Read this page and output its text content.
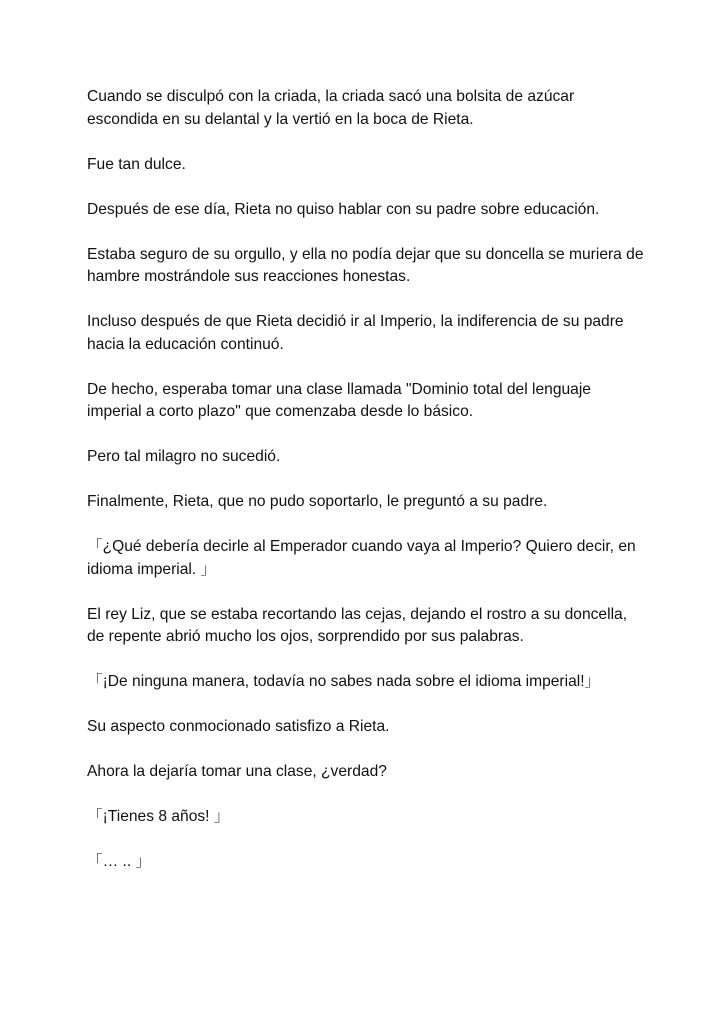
Cuando se disculpó con la criada, la criada sacó una bolsita de azúcar escondida en su delantal y la vertió en la boca de Rieta.

Fue tan dulce.

Después de ese día, Rieta no quiso hablar con su padre sobre educación.

Estaba seguro de su orgullo, y ella no podía dejar que su doncella se muriera de hambre mostrándole sus reacciones honestas.

Incluso después de que Rieta decidió ir al Imperio, la indiferencia de su padre hacia la educación continuó.

De hecho, esperaba tomar una clase llamada "Dominio total del lenguaje imperial a corto plazo" que comenzaba desde lo básico.

Pero tal milagro no sucedió.

Finalmente, Rieta, que no pudo soportarlo, le preguntó a su padre.

「¿Qué debería decirle al Emperador cuando vaya al Imperio? Quiero decir, en idioma imperial. 」

El rey Liz, que se estaba recortando las cejas, dejando el rostro a su doncella, de repente abrió mucho los ojos, sorprendido por sus palabras.

「¡De ninguna manera, todavía no sabes nada sobre el idioma imperial!」

Su aspecto conmocionado satisfizo a Rieta.

Ahora la dejaría tomar una clase, ¿verdad?

「¡Tienes 8 años! 」

「… .. 」
